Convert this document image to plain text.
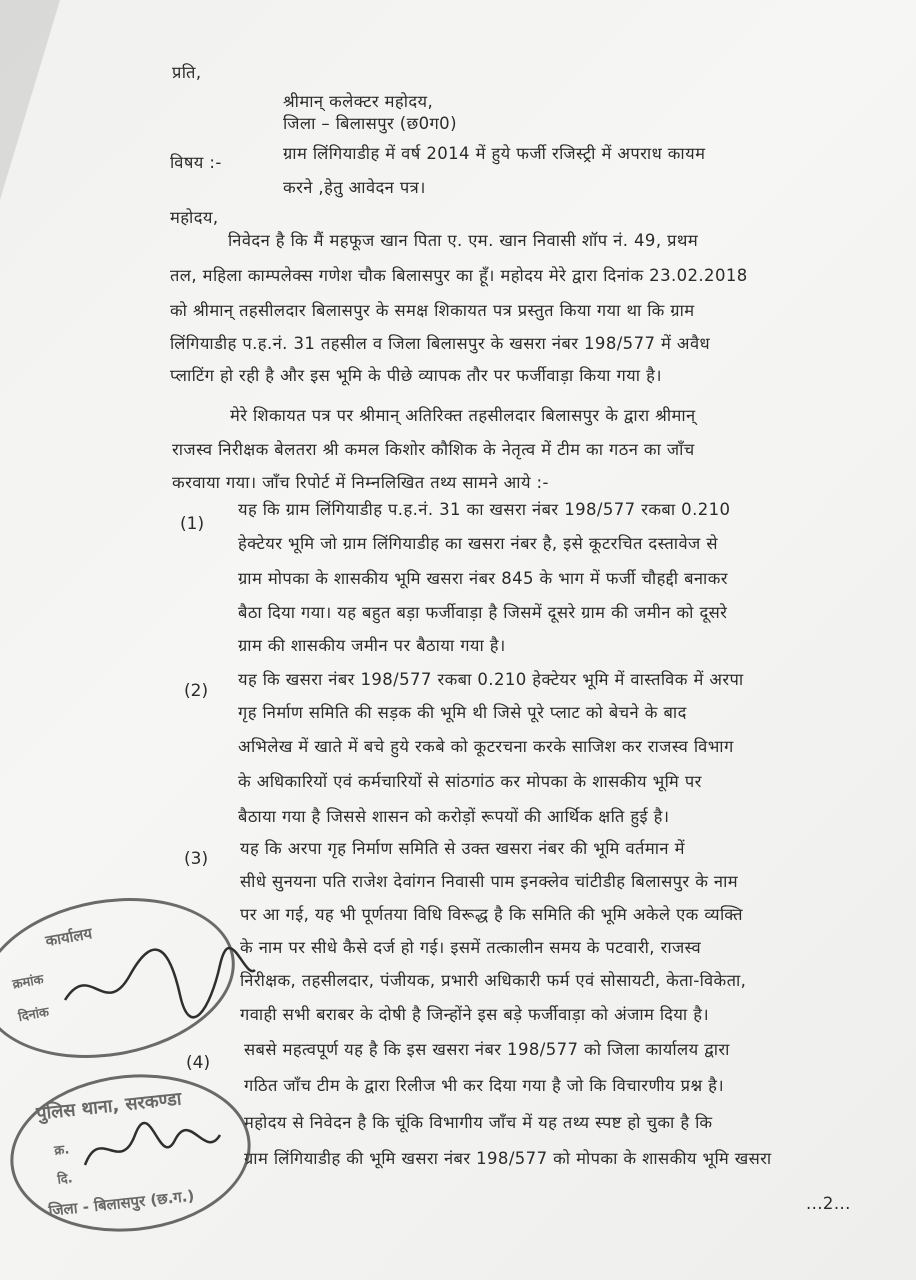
प्रति,
श्रीमान् कलेक्टर महोदय,
जिला – बिलासपुर (छ0ग0)
विषय :-	ग्राम लिंगियाडीह में वर्ष 2014 में हुये फर्जी रजिस्ट्री में अपराध कायम
करने ,हेतु आवेदन पत्र।
महोदय,
निवेदन है कि मैं महफूज खान पिता ए. एम. खान निवासी शॉप नं. 49, प्रथम
तल, महिला काम्पलेक्स गणेश चौक बिलासपुर का हूँ। महोदय मेरे द्वारा दिनांक 23.02.2018
को श्रीमान् तहसीलदार बिलासपुर के समक्ष शिकायत पत्र प्रस्तुत किया गया था कि ग्राम
लिंगियाडीह प.ह.नं. 31 तहसील व जिला बिलासपुर के खसरा नंबर 198/577 में अवैध
प्लाटिंग हो रही है और इस भूमि के पीछे व्यापक तौर पर फर्जीवाड़ा किया गया है।
मेरे शिकायत पत्र पर श्रीमान् अतिरिक्त तहसीलदार बिलासपुर के द्वारा श्रीमान्
राजस्व निरीक्षक बेलतरा श्री कमल किशोर कौशिक के नेतृत्व में टीम का गठन का जाँच
करवाया गया। जाँच रिपोर्ट में निम्नलिखित तथ्य सामने आये :-
(1)
यह कि ग्राम लिंगियाडीह प.ह.नं. 31 का खसरा नंबर 198/577 रकबा 0.210
हेक्टेयर भूमि जो ग्राम लिंगियाडीह का खसरा नंबर है, इसे कूटरचित दस्तावेज से
ग्राम मोपका के शासकीय भूमि खसरा नंबर 845 के भाग में फर्जी चौहद्दी बनाकर
बैठा दिया गया। यह बहुत बड़ा फर्जीवाड़ा है जिसमें दूसरे ग्राम की जमीन को दूसरे
ग्राम की शासकीय जमीन पर बैठाया गया है।
(2)
यह कि खसरा नंबर 198/577 रकबा 0.210 हेक्टेयर भूमि में वास्तविक में अरपा
गृह निर्माण समिति की सड़क की भूमि थी जिसे पूरे प्लाट को बेचने के बाद
अभिलेख में खाते में बचे हुये रकबे को कूटरचना करके साजिश कर राजस्व विभाग
के अधिकारियों एवं कर्मचारियों से सांठगांठ कर मोपका के शासकीय भूमि पर
बैठाया गया है जिससे शासन को करोड़ों रूपयों की आर्थिक क्षति हुई है।
(3)
यह कि अरपा गृह निर्माण समिति से उक्त खसरा नंबर की भूमि वर्तमान में
सीधे सुनयना पति राजेश देवांगन निवासी पाम इनक्लेव चांटीडीह बिलासपुर के नाम
पर आ गई, यह भी पूर्णतया विधि विरूद्ध है कि समिति की भूमि अकेले एक व्यक्ति
के नाम पर सीधे कैसे दर्ज हो गई। इसमें तत्कालीन समय के पटवारी, राजस्व
निरीक्षक, तहसीलदार, पंजीयक, प्रभारी अधिकारी फर्म एवं सोसायटी, केता-विकेता,
गवाही सभी बराबर के दोषी है जिन्होंने इस बड़े फर्जीवाड़ा को अंजाम दिया है।
(4)
सबसे महत्वपूर्ण यह है कि इस खसरा नंबर 198/577 को जिला कार्यालय द्वारा
गठित जाँच टीम के द्वारा रिलीज भी कर दिया गया है जो कि विचारणीय प्रश्न है।
महोदय से निवेदन है कि चूंकि विभागीय जाँच में यह तथ्य स्पष्ट हो चुका है कि
ग्राम लिंगियाडीह की भूमि खसरा नंबर 198/577 को मोपका के शासकीय भूमि खसरा
...2...
कार्यालय
क्रमांक
दिनांक
पुलिस थाना, सरकण्डा
क्र.
दि.
जिला - बिलासपुर (छ.ग.)
